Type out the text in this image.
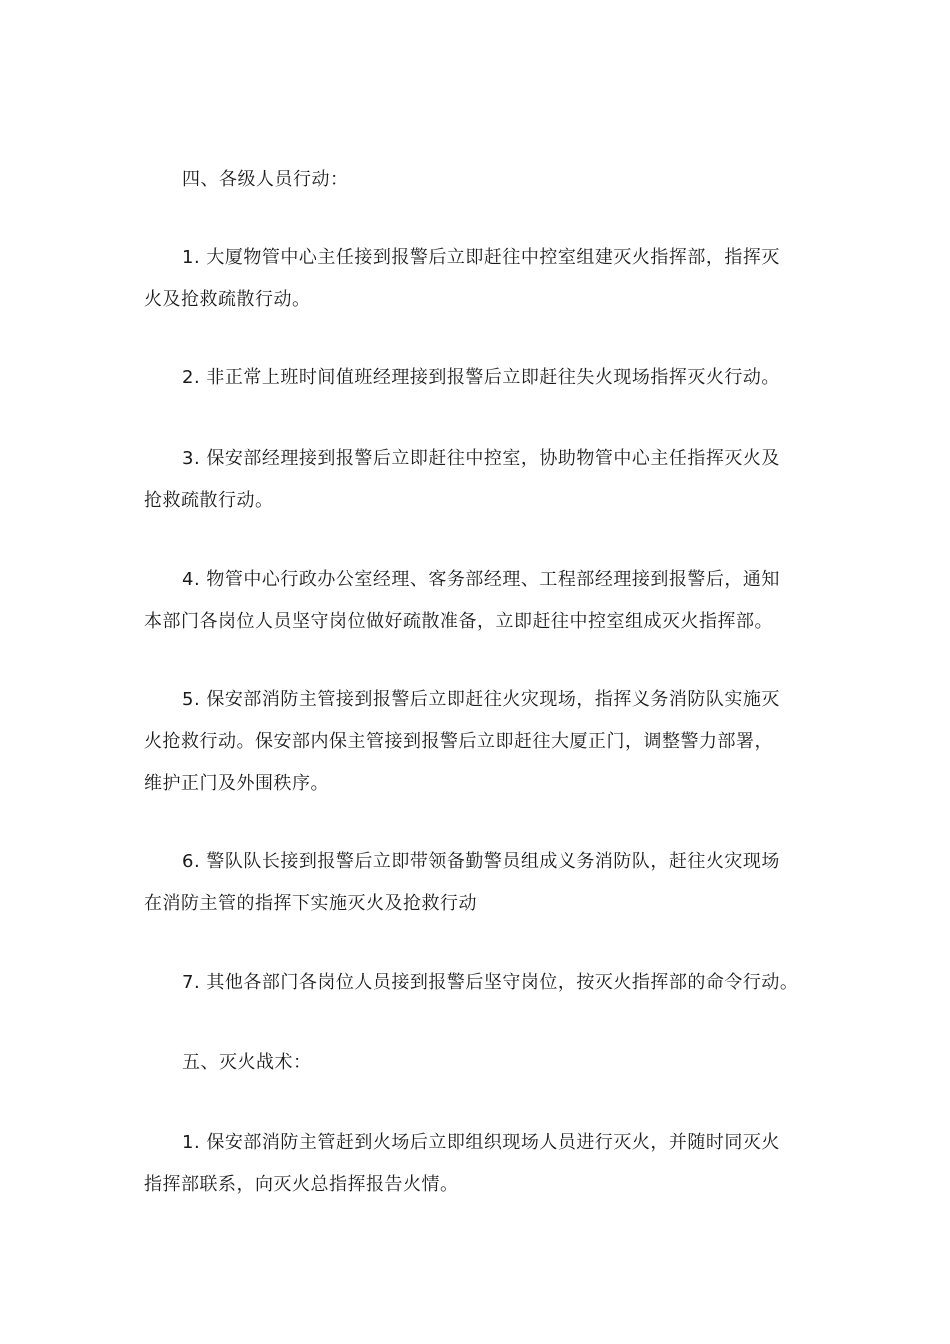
四、各级人员行动：
1. 大厦物管中心主任接到报警后立即赶往中控室组建灭火指挥部，指挥灭
火及抢救疏散行动。
2. 非正常上班时间值班经理接到报警后立即赶往失火现场指挥灭火行动。
3. 保安部经理接到报警后立即赶往中控室，协助物管中心主任指挥灭火及
抢救疏散行动。
4. 物管中心行政办公室经理、客务部经理、工程部经理接到报警后，通知
本部门各岗位人员坚守岗位做好疏散准备，立即赶往中控室组成灭火指挥部。
5. 保安部消防主管接到报警后立即赶往火灾现场，指挥义务消防队实施灭
火抢救行动。保安部内保主管接到报警后立即赶往大厦正门，调整警力部署，
维护正门及外围秩序。
6. 警队队长接到报警后立即带领备勤警员组成义务消防队，赶往火灾现场
在消防主管的指挥下实施灭火及抢救行动
7. 其他各部门各岗位人员接到报警后坚守岗位，按灭火指挥部的命令行动。
五、灭火战术：
1. 保安部消防主管赶到火场后立即组织现场人员进行灭火，并随时同灭火
指挥部联系，向灭火总指挥报告火情。
